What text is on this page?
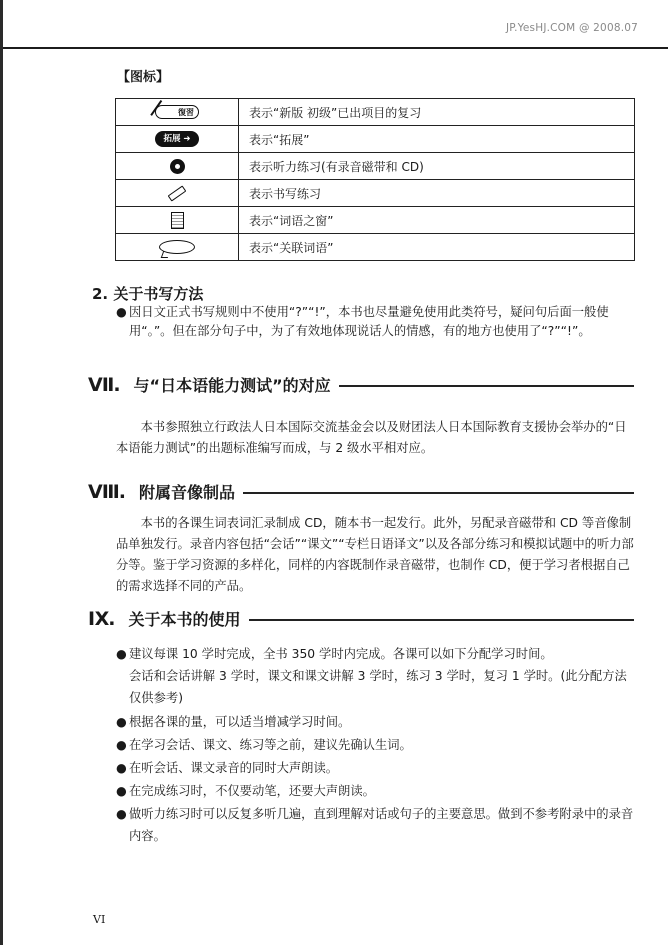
JP.YesHJ.COM @ 2008.07
【图标】
復習	表示“新版 初级”已出项目的复习
拓展 ➜	表示“拓展”
	表示听力练习(有录音磁带和 CD)
	表示书写练习
	表示“词语之窗”
	表示“关联词语”
2. 关于书写方法
● 因日文正式书写规则中不使用“?”“!”，本书也尽量避免使用此类符号，疑问句后面一般使用“。”。但在部分句子中，为了有效地体现说话人的情感，有的地方也使用了“?”“!”。
Ⅶ. 与“日本语能力测试”的对应
本书参照独立行政法人日本国际交流基金会以及财团法人日本国际教育支援协会举办的“日本语能力测试”的出题标准编写而成，与 2 级水平相对应。
Ⅷ. 附属音像制品
本书的各课生词表词汇录制成 CD，随本书一起发行。此外，另配录音磁带和 CD 等音像制品单独发行。录音内容包括“会话”“课文”“专栏日语译文”以及各部分练习和模拟试题中的听力部分等。鉴于学习资源的多样化，同样的内容既制作录音磁带，也制作 CD，便于学习者根据自己的需求选择不同的产品。
Ⅸ. 关于本书的使用
● 建议每课 10 学时完成，全书 350 学时内完成。各课可以如下分配学习时间。
会话和会话讲解 3 学时，课文和课文讲解 3 学时，练习 3 学时，复习 1 学时。(此分配方法仅供参考)
● 根据各课的量，可以适当增减学习时间。
● 在学习会话、课文、练习等之前，建议先确认生词。
● 在听会话、课文录音的同时大声朗读。
● 在完成练习时，不仅要动笔，还要大声朗读。
● 做听力练习时可以反复多听几遍，直到理解对话或句子的主要意思。做到不参考附录中的录音内容。
VI
